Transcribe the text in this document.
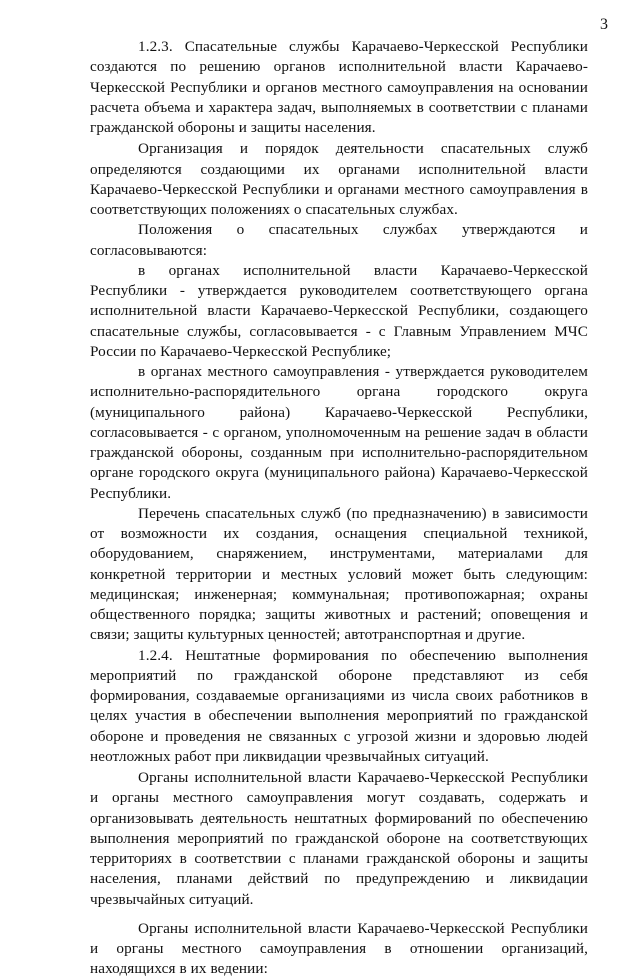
3

1.2.3. Спасательные службы Карачаево-Черкесской Республики создаются по решению органов исполнительной власти Карачаево-Черкесской Республики и органов местного самоуправления на основании расчета объема и характера задач, выполняемых в соответствии с планами гражданской обороны и защиты населения.

Организация и порядок деятельности спасательных служб определяются создающими их органами исполнительной власти Карачаево-Черкесской Республики и органами местного самоуправления в соответствующих положениях о спасательных службах.

Положения о спасательных службах утверждаются и согласовываются:

в органах исполнительной власти Карачаево-Черкесской Республики - утверждается руководителем соответствующего органа исполнительной власти Карачаево-Черкесской Республики, создающего спасательные службы, согласовывается - с Главным Управлением МЧС России по Карачаево-Черкесской Республике;

в органах местного самоуправления - утверждается руководителем исполнительно-распорядительного органа городского округа (муниципального района) Карачаево-Черкесской Республики, согласовывается - с органом, уполномоченным на решение задач в области гражданской обороны, созданным при исполнительно-распорядительном органе городского округа (муниципального района) Карачаево-Черкесской Республики.

Перечень спасательных служб (по предназначению) в зависимости от возможности их создания, оснащения специальной техникой, оборудованием, снаряжением, инструментами, материалами для конкретной территории и местных условий может быть следующим: медицинская; инженерная; коммунальная; противопожарная; охраны общественного порядка; защиты животных и растений; оповещения и связи; защиты культурных ценностей; автотранспортная и другие.

1.2.4. Нештатные формирования по обеспечению выполнения мероприятий по гражданской обороне представляют из себя формирования, создаваемые организациями из числа своих работников в целях участия в обеспечении выполнения мероприятий по гражданской обороне и проведения не связанных с угрозой жизни и здоровью людей неотложных работ при ликвидации чрезвычайных ситуаций.

Органы исполнительной власти Карачаево-Черкесской Республики и органы местного самоуправления могут создавать, содержать и организовывать деятельность нештатных формирований по обеспечению выполнения мероприятий по гражданской обороне на соответствующих территориях в соответствии с планами гражданской обороны и защиты населения, планами действий по предупреждению и ликвидации чрезвычайных ситуаций.

Органы исполнительной власти Карачаево-Черкесской Республики и органы местного самоуправления в отношении организаций, находящихся в их ведении:
